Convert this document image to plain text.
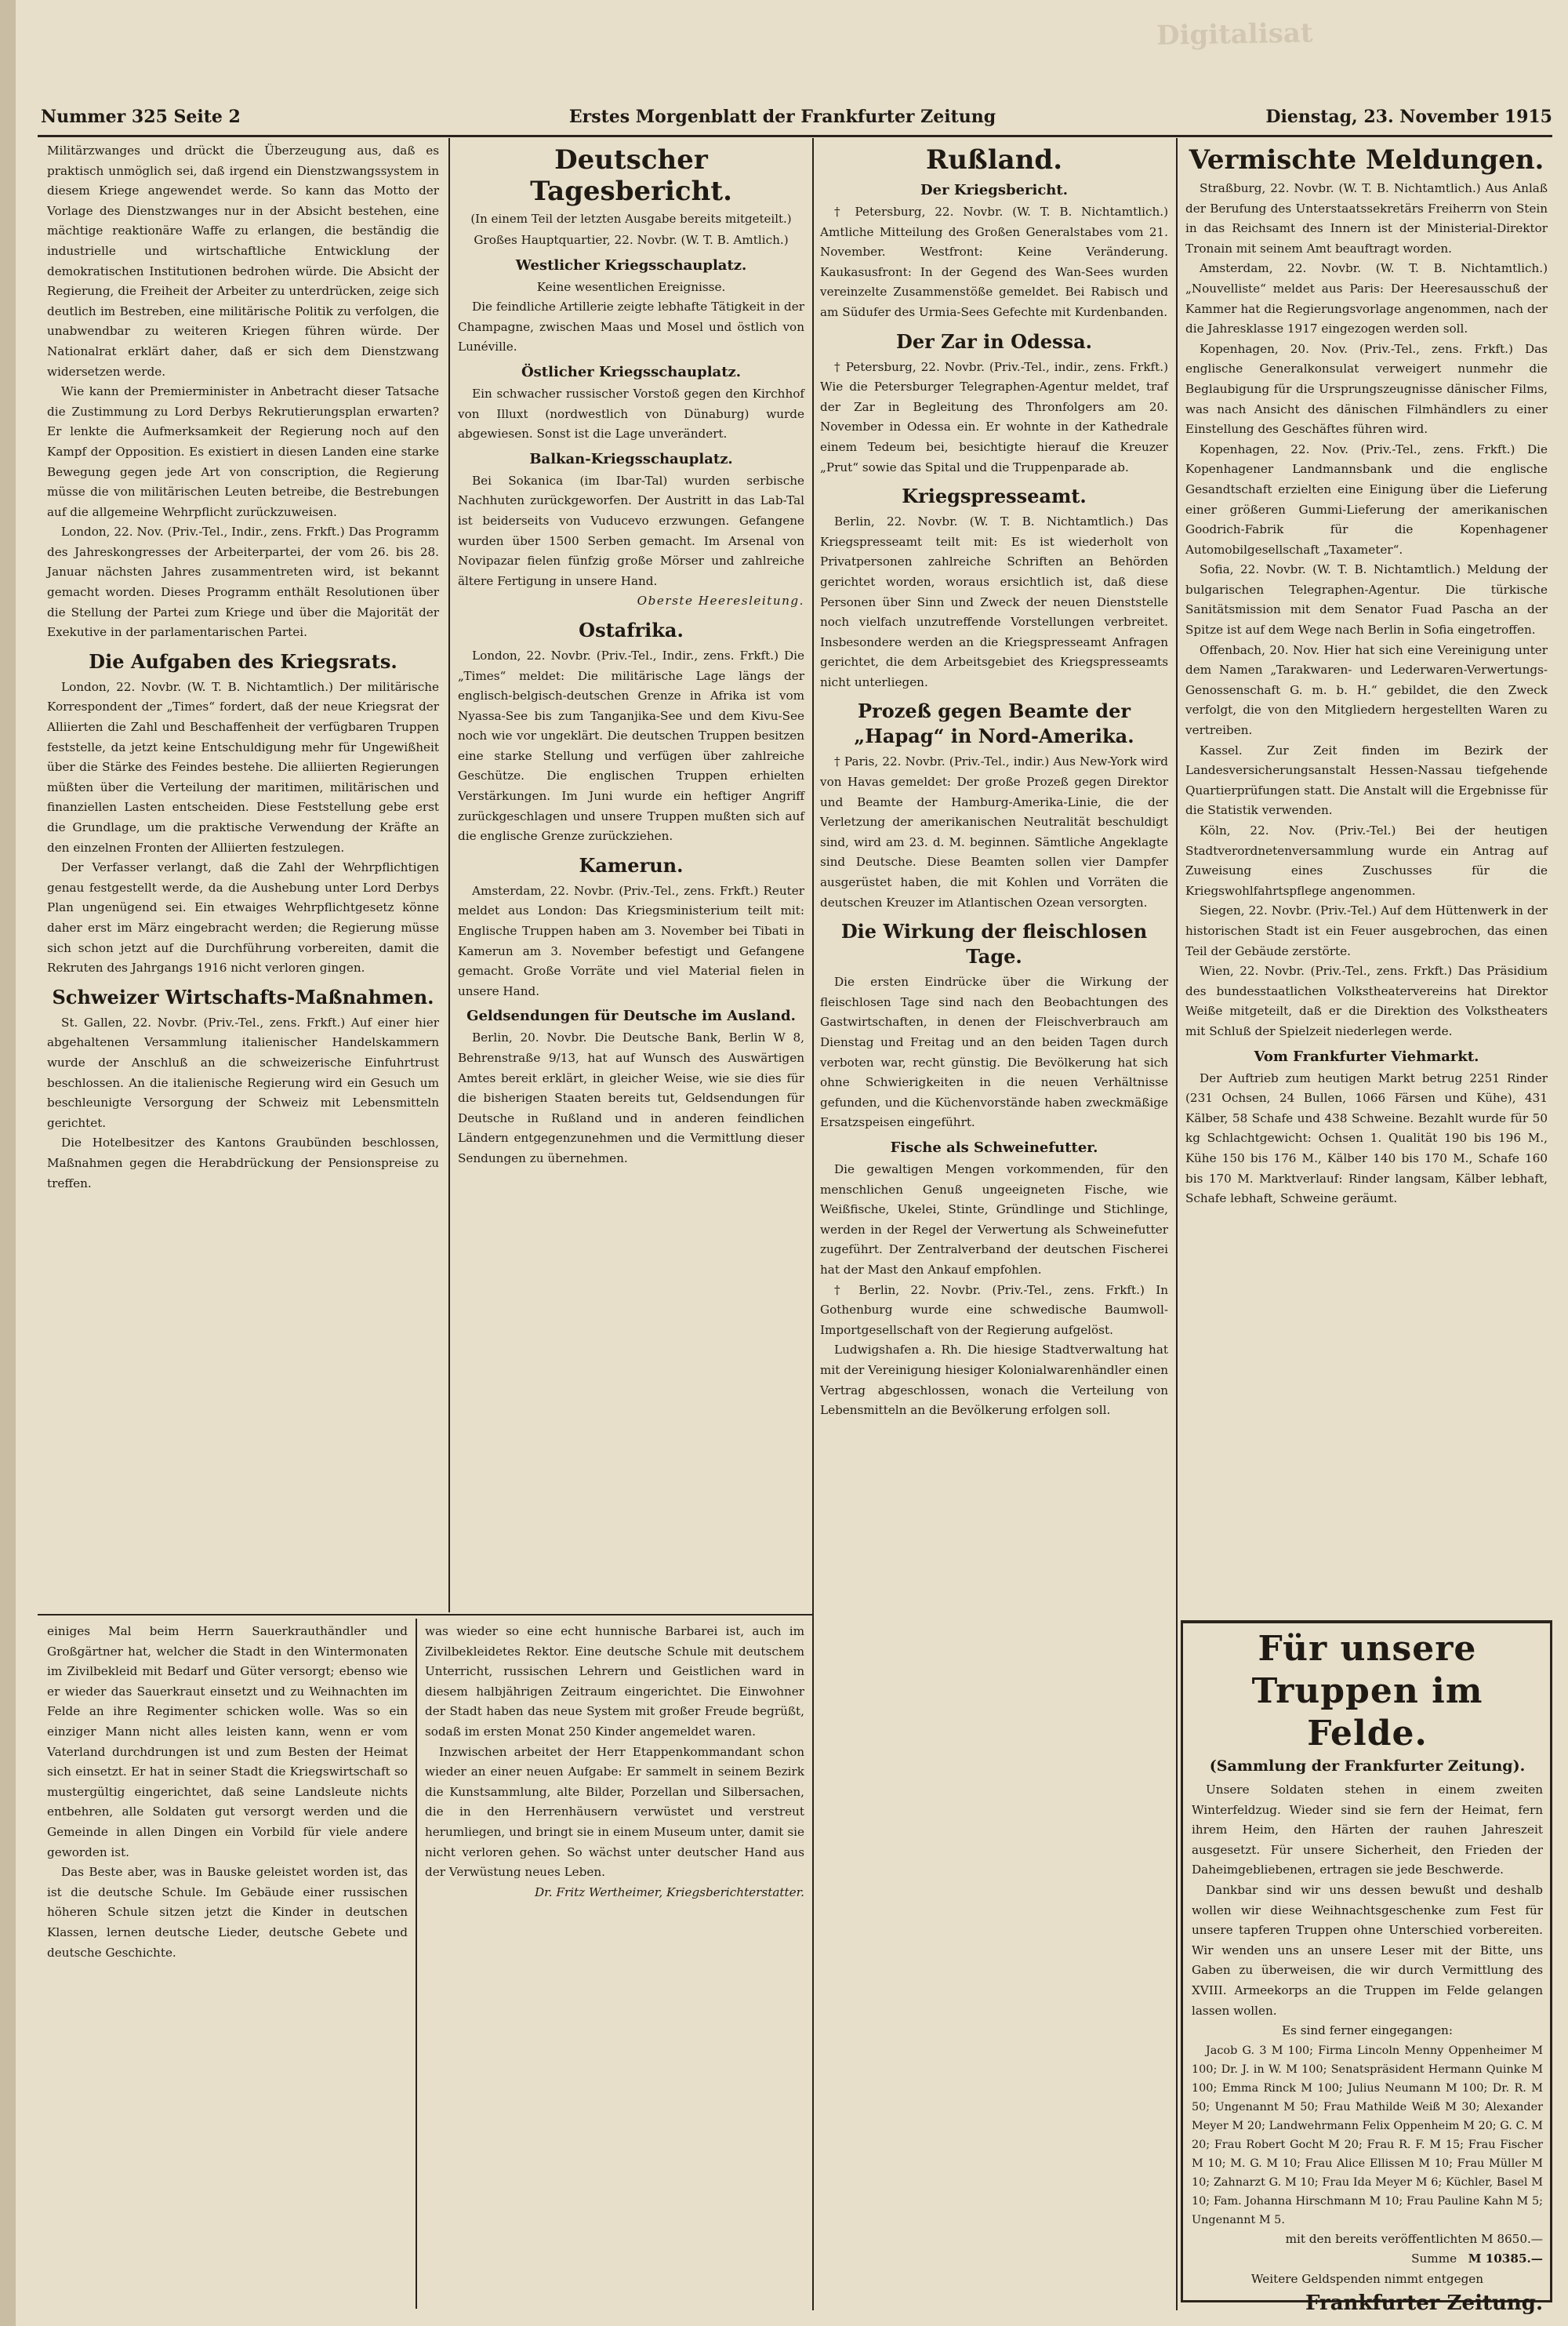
Digitalisat
Nummer 325 Seite 2	Erstes Morgenblatt der Frankfurter Zeitung	Dienstag, 23. November 1915

Militärzwanges und drückt die Überzeugung aus, daß es praktisch unmöglich sei, daß irgend ein Dienstzwangssystem in diesem Kriege angewendet werde. So kann das Motto der Vorlage des Dienstzwanges nur in der Absicht bestehen, eine mächtige reaktionäre Waffe zu erlangen, die beständig die industrielle und wirtschaftliche Entwicklung der demokratischen Institutionen bedrohen würde. Die Absicht der Regierung, die Freiheit der Arbeiter zu unterdrücken, zeige sich deutlich im Bestreben, eine militärische Politik zu verfolgen, die unabwendbar zu weiteren Kriegen führen würde. Der Nationalrat erklärt daher, daß er sich dem Dienstzwang widersetzen werde.

Wie kann der Premierminister in Anbetracht dieser Tatsache die Zustimmung zu Lord Derbys Rekrutierungsplan erwarten? Er lenkte die Aufmerksamkeit der Regierung noch auf den Kampf der Opposition. Es existiert in diesen Landen eine starke Bewegung gegen jede Art von conscription, die Regierung müsse die von militärischen Leuten betreibe, die Bestrebungen auf die allgemeine Wehrpflicht zurückzuweisen.

London, 22. Nov. (Priv.-Tel., Indir., zens. Frkft.) Das Programm des Jahreskongresses der Arbeiterpartei, der vom 26. bis 28. Januar nächsten Jahres zusammentreten wird, ist bekannt gemacht worden. Dieses Programm enthält Resolutionen über die Stellung der Partei zum Kriege und über die Majorität der Exekutive in der parlamentarischen Partei.

Die Aufgaben des Kriegsrats.

London, 22. Novbr. (W. T. B. Nichtamtlich.) Der militärische Korrespondent der „Times“ fordert, daß der neue Kriegsrat der Alliierten die Zahl und Beschaffenheit der verfügbaren Truppen feststelle, da jetzt keine Entschuldigung mehr für Ungewißheit über die Stärke des Feindes bestehe. Die alliierten Regierungen müßten über die Verteilung der maritimen, militärischen und finanziellen Lasten entscheiden. Diese Feststellung gebe erst die Grundlage, um die praktische Verwendung der Kräfte an den einzelnen Fronten der Alliierten festzulegen.

Der Verfasser verlangt, daß die Zahl der Wehrpflichtigen genau festgestellt werde, da die Aushebung unter Lord Derbys Plan ungenügend sei. Ein etwaiges Wehrpflichtgesetz könne daher erst im März eingebracht werden; die Regierung müsse sich schon jetzt auf die Durchführung vorbereiten, damit die Rekruten des Jahrgangs 1916 nicht verloren gingen.

Schweizer Wirtschafts-Maßnahmen.

St. Gallen, 22. Novbr. (Priv.-Tel., zens. Frkft.) Auf einer hier abgehaltenen Versammlung italienischer Handelskammern wurde der Anschluß an die schweizerische Einfuhrtrust beschlossen. An die italienische Regierung wird ein Gesuch um beschleunigte Versorgung der Schweiz mit Lebensmitteln gerichtet.

Die Hotelbesitzer des Kantons Graubünden beschlossen, Maßnahmen gegen die Herabdrückung der Pensionspreise zu treffen.

Deutscher Tagesbericht.
(In einem Teil der letzten Ausgabe bereits mitgeteilt.)

Großes Hauptquartier, 22. Novbr. (W. T. B. Amtlich.)

Westlicher Kriegsschauplatz.

Keine wesentlichen Ereignisse.

Die feindliche Artillerie zeigte lebhafte Tätigkeit in der Champagne, zwischen Maas und Mosel und östlich von Lunéville.

Östlicher Kriegsschauplatz.

Ein schwacher russischer Vorstoß gegen den Kirchhof von Illuxt (nordwestlich von Dünaburg) wurde abgewiesen. Sonst ist die Lage unverändert.

Balkan-Kriegsschauplatz.

Bei Sokanica (im Ibar-Tal) wurden serbische Nachhuten zurückgeworfen. Der Austritt in das Lab-Tal ist beiderseits von Vuducevo erzwungen. Gefangene wurden über 1500 Serben gemacht. Im Arsenal von Novipazar fielen fünfzig große Mörser und zahlreiche ältere Fertigung in unsere Hand.

Oberste Heeresleitung.

Ostafrika.

London, 22. Novbr. (Priv.-Tel., Indir., zens. Frkft.) Die „Times“ meldet: Die militärische Lage längs der englisch-belgisch-deutschen Grenze in Afrika ist vom Nyassa-See bis zum Tanganjika-See und dem Kivu-See noch wie vor ungeklärt. Die deutschen Truppen besitzen eine starke Stellung und verfügen über zahlreiche Geschütze. Die englischen Truppen erhielten Verstärkungen. Im Juni wurde ein heftiger Angriff zurückgeschlagen und unsere Truppen mußten sich auf die englische Grenze zurückziehen.

Kamerun.

Amsterdam, 22. Novbr. (Priv.-Tel., zens. Frkft.) Reuter meldet aus London: Das Kriegsministerium teilt mit: Englische Truppen haben am 3. November bei Tibati in Kamerun am 3. November befestigt und Gefangene gemacht. Große Vorräte und viel Material fielen in unsere Hand.

Geldsendungen für Deutsche im Ausland.

Berlin, 20. Novbr. Die Deutsche Bank, Berlin W 8, Behrenstraße 9/13, hat auf Wunsch des Auswärtigen Amtes bereit erklärt, in gleicher Weise, wie sie dies für die bisherigen Staaten bereits tut, Geldsendungen für Deutsche in Rußland und in anderen feindlichen Ländern entgegenzunehmen und die Vermittlung dieser Sendungen zu übernehmen.

Rußland.
Der Kriegsbericht.

† Petersburg, 22. Novbr. (W. T. B. Nichtamtlich.) Amtliche Mitteilung des Großen Generalstabes vom 21. November. Westfront: Keine Veränderung. Kaukasusfront: In der Gegend des Wan-Sees wurden vereinzelte Zusammenstöße gemeldet. Bei Rabisch und am Südufer des Urmia-Sees Gefechte mit Kurdenbanden.

Der Zar in Odessa.

† Petersburg, 22. Novbr. (Priv.-Tel., indir., zens. Frkft.) Wie die Petersburger Telegraphen-Agentur meldet, traf der Zar in Begleitung des Thronfolgers am 20. November in Odessa ein. Er wohnte in der Kathedrale einem Tedeum bei, besichtigte hierauf die Kreuzer „Prut“ sowie das Spital und die Truppenparade ab.

Kriegspresseamt.

Berlin, 22. Novbr. (W. T. B. Nichtamtlich.) Das Kriegspresseamt teilt mit: Es ist wiederholt von Privatpersonen zahlreiche Schriften an Behörden gerichtet worden, woraus ersichtlich ist, daß diese Personen über Sinn und Zweck der neuen Dienststelle noch vielfach unzutreffende Vorstellungen verbreitet. Insbesondere werden an die Kriegspresseamt Anfragen gerichtet, die dem Arbeitsgebiet des Kriegspresseamts nicht unterliegen.

Prozeß gegen Beamte der „Hapag“ in Nord-Amerika.

† Paris, 22. Novbr. (Priv.-Tel., indir.) Aus New-York wird von Havas gemeldet: Der große Prozeß gegen Direktor und Beamte der Hamburg-Amerika-Linie, die der Verletzung der amerikanischen Neutralität beschuldigt sind, wird am 23. d. M. beginnen. Sämtliche Angeklagte sind Deutsche. Diese Beamten sollen vier Dampfer ausgerüstet haben, die mit Kohlen und Vorräten die deutschen Kreuzer im Atlantischen Ozean versorgten.

Die Wirkung der fleischlosen Tage.

Die ersten Eindrücke über die Wirkung der fleischlosen Tage sind nach den Beobachtungen des Gastwirtschaften, in denen der Fleischverbrauch am Dienstag und Freitag und an den beiden Tagen durch verboten war, recht günstig. Die Bevölkerung hat sich ohne Schwierigkeiten in die neuen Verhältnisse gefunden, und die Küchenvorstände haben zweckmäßige Ersatzspeisen eingeführt.

Fische als Schweinefutter.

Die gewaltigen Mengen vorkommenden, für den menschlichen Genuß ungeeigneten Fische, wie Weißfische, Ukelei, Stinte, Gründlinge und Stichlinge, werden in der Regel der Verwertung als Schweinefutter zugeführt. Der Zentralverband der deutschen Fischerei hat der Mast den Ankauf empfohlen.

† Berlin, 22. Novbr. (Priv.-Tel., zens. Frkft.) In Gothenburg wurde eine schwedische Baumwoll-Importgesellschaft von der Regierung aufgelöst.

Ludwigshafen a. Rh. Die hiesige Stadtverwaltung hat mit der Vereinigung hiesiger Kolonialwarenhändler einen Vertrag abgeschlossen, wonach die Verteilung von Lebensmitteln an die Bevölkerung erfolgen soll.

Vermischte Meldungen.

Straßburg, 22. Novbr. (W. T. B. Nichtamtlich.) Aus Anlaß der Berufung des Unterstaatssekretärs Freiherrn von Stein in das Reichsamt des Innern ist der Ministerial-Direktor Tronain mit seinem Amt beauftragt worden.

Amsterdam, 22. Novbr. (W. T. B. Nichtamtlich.) „Nouvelliste“ meldet aus Paris: Der Heeresausschuß der Kammer hat die Regierungsvorlage angenommen, nach der die Jahresklasse 1917 eingezogen werden soll.

Kopenhagen, 20. Nov. (Priv.-Tel., zens. Frkft.) Das englische Generalkonsulat verweigert nunmehr die Beglaubigung für die Ursprungszeugnisse dänischer Films, was nach Ansicht des dänischen Filmhändlers zu einer Einstellung des Geschäftes führen wird.

Kopenhagen, 22. Nov. (Priv.-Tel., zens. Frkft.) Die Kopenhagener Landmannsbank und die englische Gesandtschaft erzielten eine Einigung über die Lieferung einer größeren Gummi-Lieferung der amerikanischen Goodrich-Fabrik für die Kopenhagener Automobilgesellschaft „Taxameter“.

Sofia, 22. Novbr. (W. T. B. Nichtamtlich.) Meldung der bulgarischen Telegraphen-Agentur. Die türkische Sanitätsmission mit dem Senator Fuad Pascha an der Spitze ist auf dem Wege nach Berlin in Sofia eingetroffen.

Offenbach, 20. Nov. Hier hat sich eine Vereinigung unter dem Namen „Tarakwaren- und Lederwaren-Verwertungs-Genossenschaft G. m. b. H.“ gebildet, die den Zweck verfolgt, die von den Mitgliedern hergestellten Waren zu vertreiben.

Kassel. Zur Zeit finden im Bezirk der Landesversicherungsanstalt Hessen-Nassau tiefgehende Quartierprüfungen statt. Die Anstalt will die Ergebnisse für die Statistik verwenden.

Köln, 22. Nov. (Priv.-Tel.) Bei der heutigen Stadtverordnetenversammlung wurde ein Antrag auf Zuweisung eines Zuschusses für die Kriegswohlfahrtspflege angenommen.

Siegen, 22. Novbr. (Priv.-Tel.) Auf dem Hüttenwerk in der historischen Stadt ist ein Feuer ausgebrochen, das einen Teil der Gebäude zerstörte.

Wien, 22. Novbr. (Priv.-Tel., zens. Frkft.) Das Präsidium des bundesstaatlichen Volkstheatervereins hat Direktor Weiße mitgeteilt, daß er die Direktion des Volkstheaters mit Schluß der Spielzeit niederlegen werde.

Vom Frankfurter Viehmarkt.

Der Auftrieb zum heutigen Markt betrug 2251 Rinder (231 Ochsen, 24 Bullen, 1066 Färsen und Kühe), 431 Kälber, 58 Schafe und 438 Schweine. Bezahlt wurde für 50 kg Schlachtgewicht: Ochsen 1. Qualität 190 bis 196 M., Kühe 150 bis 176 M., Kälber 140 bis 170 M., Schafe 160 bis 170 M. Marktverlauf: Rinder langsam, Kälber lebhaft, Schafe lebhaft, Schweine geräumt.

Für unsere Truppen im Felde.
(Sammlung der Frankfurter Zeitung).

Unsere Soldaten stehen in einem zweiten Winterfeldzug. Wieder sind sie fern der Heimat, fern ihrem Heim, den Härten der rauhen Jahreszeit ausgesetzt. Für unsere Sicherheit, den Frieden der Daheimgebliebenen, ertragen sie jede Beschwerde.

Dankbar sind wir uns dessen bewußt und deshalb wollen wir diese Weihnachtsgeschenke zum Fest für unsere tapferen Truppen ohne Unterschied vorbereiten. Wir wenden uns an unsere Leser mit der Bitte, uns Gaben zu überweisen, die wir durch Vermittlung des XVIII. Armeekorps an die Truppen im Felde gelangen lassen wollen.

Es sind ferner eingegangen:

Jacob G. 3 M 100; Firma Lincoln Menny Oppenheimer M 100; Dr. J. in W. M 100; Senatspräsident Hermann Quinke M 100; Emma Rinck M 100; Julius Neumann M 100; Dr. R. M 50; Ungenannt M 50; Frau Mathilde Weiß M 30; Alexander Meyer M 20; Landwehrmann Felix Oppenheim M 20; G. C. M 20; Frau Robert Gocht M 20; Frau R. F. M 15; Frau Fischer M 10; M. G. M 10; Frau Alice Ellissen M 10; Frau Müller M 10; Zahnarzt G. M 10; Frau Ida Meyer M 6; Küchler, Basel M 10; Fam. Johanna Hirschmann M 10; Frau Pauline Kahn M 5; Ungenannt M 5.

mit den bereits veröffentlichten M 8650.—

Summe M 10385.—

Weitere Geldspenden nimmt entgegen

Frankfurter Zeitung.

einiges Mal beim Herrn Sauerkrauthändler und Großgärtner hat, welcher die Stadt in den Wintermonaten im Zivilbekleid mit Bedarf und Güter versorgt; ebenso wie er wieder das Sauerkraut einsetzt und zu Weihnachten im Felde an ihre Regimenter schicken wolle. Was so ein einziger Mann nicht alles leisten kann, wenn er vom Vaterland durchdrungen ist und zum Besten der Heimat sich einsetzt. Er hat in seiner Stadt die Kriegswirtschaft so mustergültig eingerichtet, daß seine Landsleute nichts entbehren, alle Soldaten gut versorgt werden und die Gemeinde in allen Dingen ein Vorbild für viele andere geworden ist.

Das Beste aber, was in Bauske geleistet worden ist, das ist die deutsche Schule. Im Gebäude einer russischen höheren Schule sitzen jetzt die Kinder in deutschen Klassen, lernen deutsche Lieder, deutsche Gebete und deutsche Geschichte.

was wieder so eine echt hunnische Barbarei ist, auch im Zivilbekleidetes Rektor. Eine deutsche Schule mit deutschem Unterricht, russischen Lehrern und Geistlichen ward in diesem halbjährigen Zeitraum eingerichtet. Die Einwohner der Stadt haben das neue System mit großer Freude begrüßt, sodaß im ersten Monat 250 Kinder angemeldet waren.

Inzwischen arbeitet der Herr Etappenkommandant schon wieder an einer neuen Aufgabe: Er sammelt in seinem Bezirk die Kunstsammlung, alte Bilder, Porzellan und Silbersachen, die in den Herrenhäusern verwüstet und verstreut herumliegen, und bringt sie in einem Museum unter, damit sie nicht verloren gehen. So wächst unter deutscher Hand aus der Verwüstung neues Leben.

Dr. Fritz Wertheimer, Kriegsberichterstatter.
